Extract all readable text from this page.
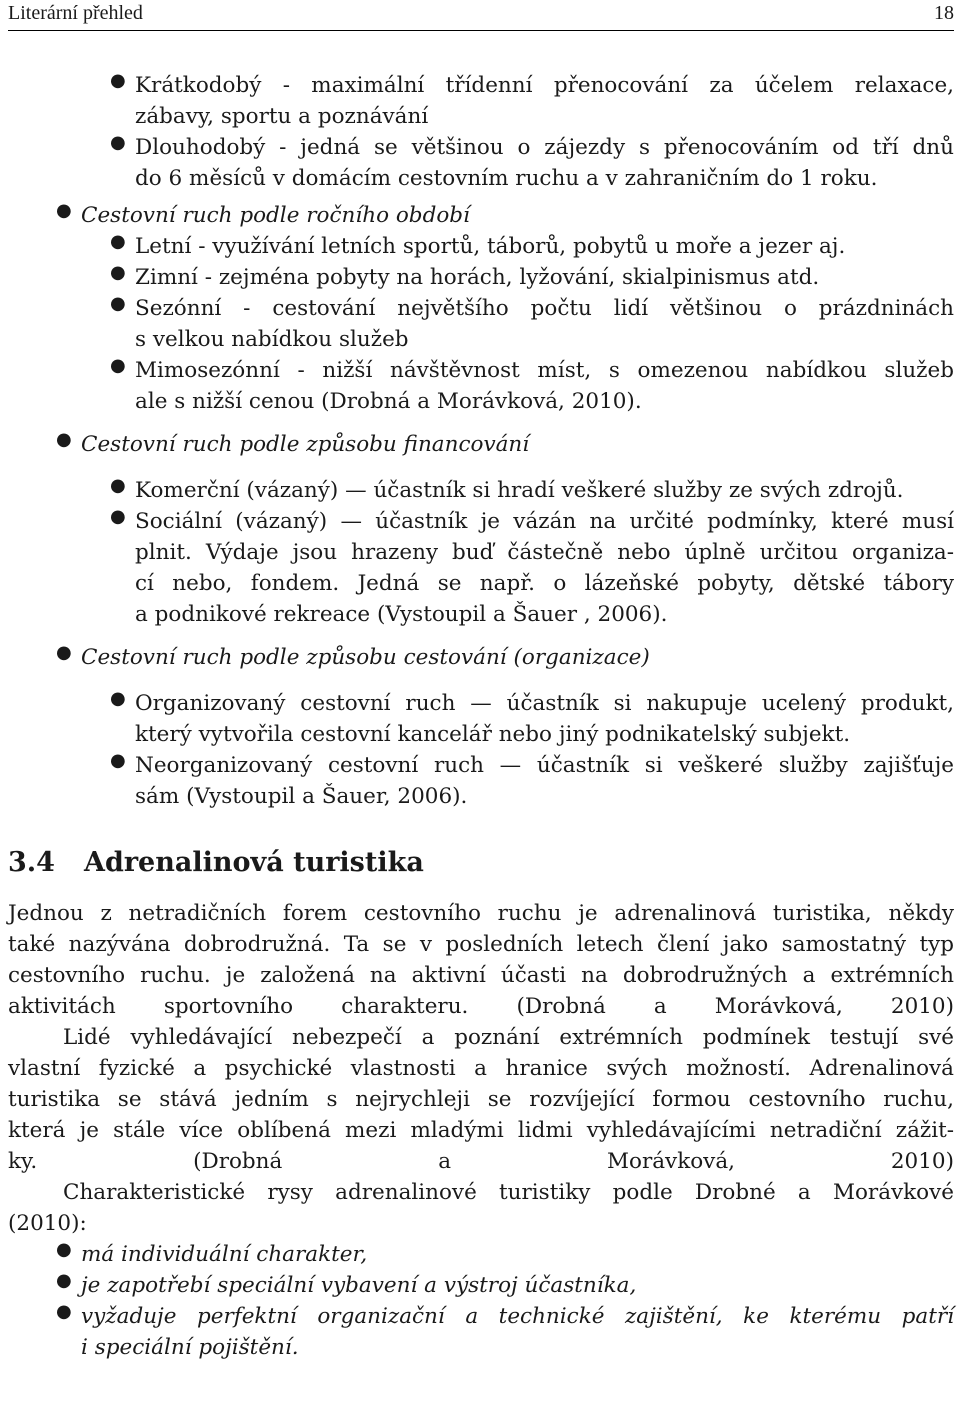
Literární přehled	18
● Krátkodobý - maximální třídenní přenocování za účelem relaxace,
zábavy, sportu a poznávání
● Dlouhodobý - jedná se většinou o zájezdy s přenocováním od tří dnů
do 6 měsíců v domácím cestovním ruchu a v zahraničním do 1 roku.
● Cestovní ruch podle ročního období
● Letní - využívání letních sportů, táborů, pobytů u moře a jezer aj.
● Zimní - zejména pobyty na horách, lyžování, skialpinismus atd.
● Sezónní - cestování největšího počtu lidí většinou o prázdninách
s velkou nabídkou služeb
● Mimosezónní - nižší návštěvnost míst, s omezenou nabídkou služeb
ale s nižší cenou (Drobná a Morávková, 2010).
● Cestovní ruch podle způsobu financování
● Komerční (vázaný) — účastník si hradí veškeré služby ze svých zdrojů.
● Sociální (vázaný) — účastník je vázán na určité podmínky, které musí
plnit. Výdaje jsou hrazeny buď částečně nebo úplně určitou organiza-
cí nebo, fondem. Jedná se např. o lázeňské pobyty, dětské tábory
a podnikové rekreace (Vystoupil a Šauer , 2006).
● Cestovní ruch podle způsobu cestování (organizace)
● Organizovaný cestovní ruch — účastník si nakupuje ucelený produkt,
který vytvořila cestovní kancelář nebo jiný podnikatelský subjekt.
● Neorganizovaný cestovní ruch — účastník si veškeré služby zajišťuje
sám (Vystoupil a Šauer, 2006).
3.4 Adrenalinová turistika
Jednou z netradičních forem cestovního ruchu je adrenalinová turistika, někdy
také nazývána dobrodružná. Ta se v posledních letech člení jako samostatný typ
cestovního ruchu. je založená na aktivní účasti na dobrodružných a extrémních
aktivitách sportovního charakteru. (Drobná a Morávková, 2010)
Lidé vyhledávající nebezpečí a poznání extrémních podmínek testují své
vlastní fyzické a psychické vlastnosti a hranice svých možností. Adrenalinová
turistika se stává jedním s nejrychleji se rozvíjející formou cestovního ruchu,
která je stále více oblíbená mezi mladými lidmi vyhledávajícími netradiční zážit-
ky. (Drobná a Morávková, 2010)
Charakteristické rysy adrenalinové turistiky podle Drobné a Morávkové
(2010):
● má individuální charakter,
● je zapotřebí speciální vybavení a výstroj účastníka,
● vyžaduje perfektní organizační a technické zajištění, ke kterému patří
i speciální pojištění.
